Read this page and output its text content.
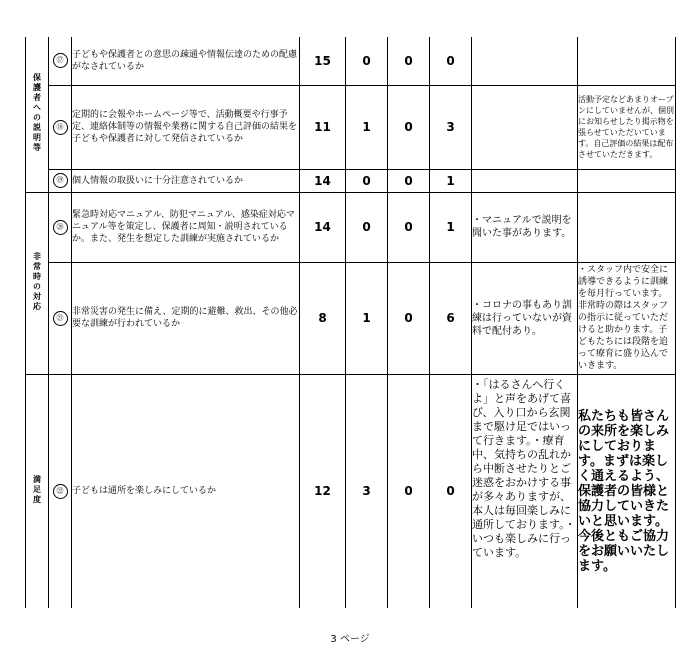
保護者への説明等	⑰	子どもや保護者との意思の疎通や情報伝達のための配慮がなされているか	15	0	0	0		
	⑱	定期的に会報やホームページ等で、活動概要や行事予定、連絡体制等の情報や業務に関する自己評価の結果を子どもや保護者に対して発信されているか	11	1	0	3		活動予定などあまりオープンにしていませんが、個別にお知らせしたり掲示物を張らせていただいています。自己評価の結果は配布させていただきます。
	⑲	個人情報の取扱いに十分注意されているか	14	0	0	1		
非常時の対応	⑳	緊急時対応マニュアル、防犯マニュアル、感染症対応マニュアル等を策定し、保護者に周知・説明されているか。また、発生を想定した訓練が実施されているか	14	0	0	1	・マニュアルで説明を聞いた事があります。	
	㉑	非常災害の発生に備え、定期的に避難、救出、その他必要な訓練が行われているか	8	1	0	6	・コロナの事もあり訓練は行っていないが資料で配付あり。	・スタッフ内で安全に誘導できるように訓練を毎月行っています。非常時の際はスタッフの指示に従っていただけると助かります。子どもたちには段階を追って療育に盛り込んでいきます。
満足度	㉒	子どもは通所を楽しみにしているか	12	3	0	0	・「はるさんへ行くよ」と声をあげて喜び、入り口から玄関まで駆け足ではいって行きます。・療育中、気持ちの乱れから中断させたりとご迷惑をおかけする事が多々ありますが、本人は毎回楽しみに通所しております。・いつも楽しみに行っています。	私たちも皆さんの来所を楽しみにしております。まずは楽しく通えるよう、保護者の皆様と協力していきたいと思います。今後ともご協力をお願いいたします。
3 ページ
